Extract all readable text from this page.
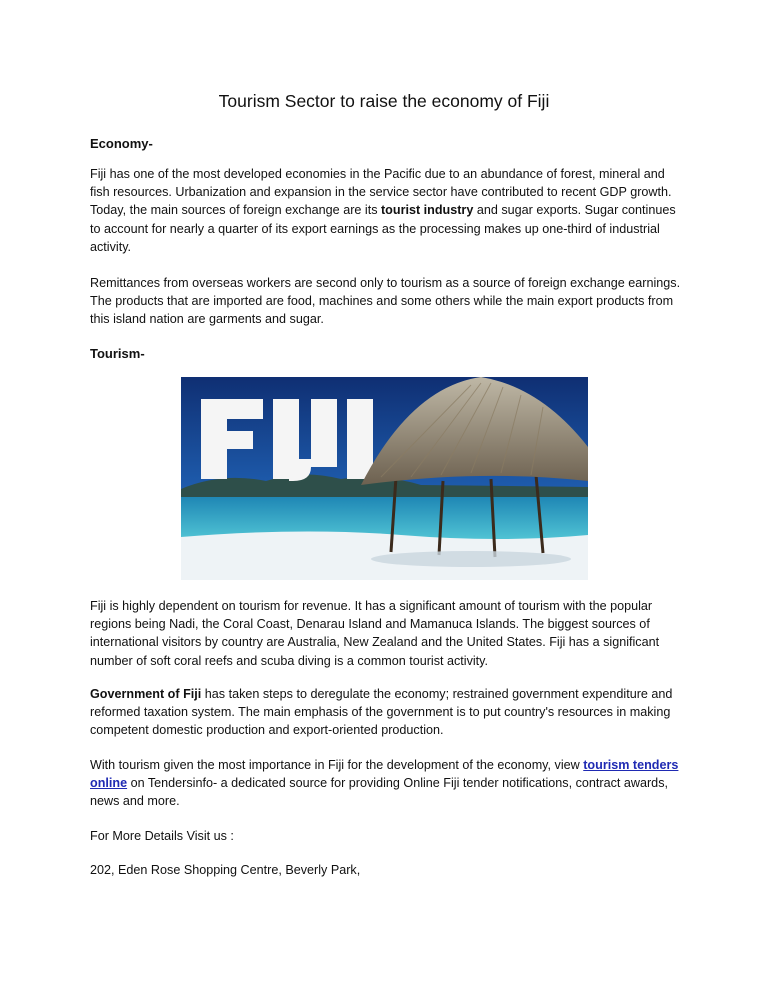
Tourism Sector to raise the economy of Fiji
Economy-

Fiji has one of the most developed economies in the Pacific due to an abundance of forest, mineral and fish resources. Urbanization and expansion in the service sector have contributed to recent GDP growth. Today, the main sources of foreign exchange are its tourist industry and sugar exports. Sugar continues to account for nearly a quarter of its export earnings as the processing makes up one-third of industrial activity.

Remittances from overseas workers are second only to tourism as a source of foreign exchange earnings. The products that are imported are food, machines and some others while the main export products from this island nation are garments and sugar.

Tourism-

Fiji is highly dependent on tourism for revenue. It has a significant amount of tourism with the popular regions being Nadi, the Coral Coast, Denarau Island and Mamanuca Islands. The biggest sources of international visitors by country are Australia, New Zealand and the United States. Fiji has a significant number of soft coral reefs and scuba diving is a common tourist activity.

Government of Fiji has taken steps to deregulate the economy; restrained government expenditure and reformed taxation system. The main emphasis of the government is to put country's resources in making competent domestic production and export-oriented production.

With tourism given the most importance in Fiji for the development of the economy, view tourism tenders online on Tendersinfo- a dedicated source for providing Online Fiji tender notifications, contract awards, news and more.

For More Details Visit us :

202, Eden Rose Shopping Centre, Beverly Park,
